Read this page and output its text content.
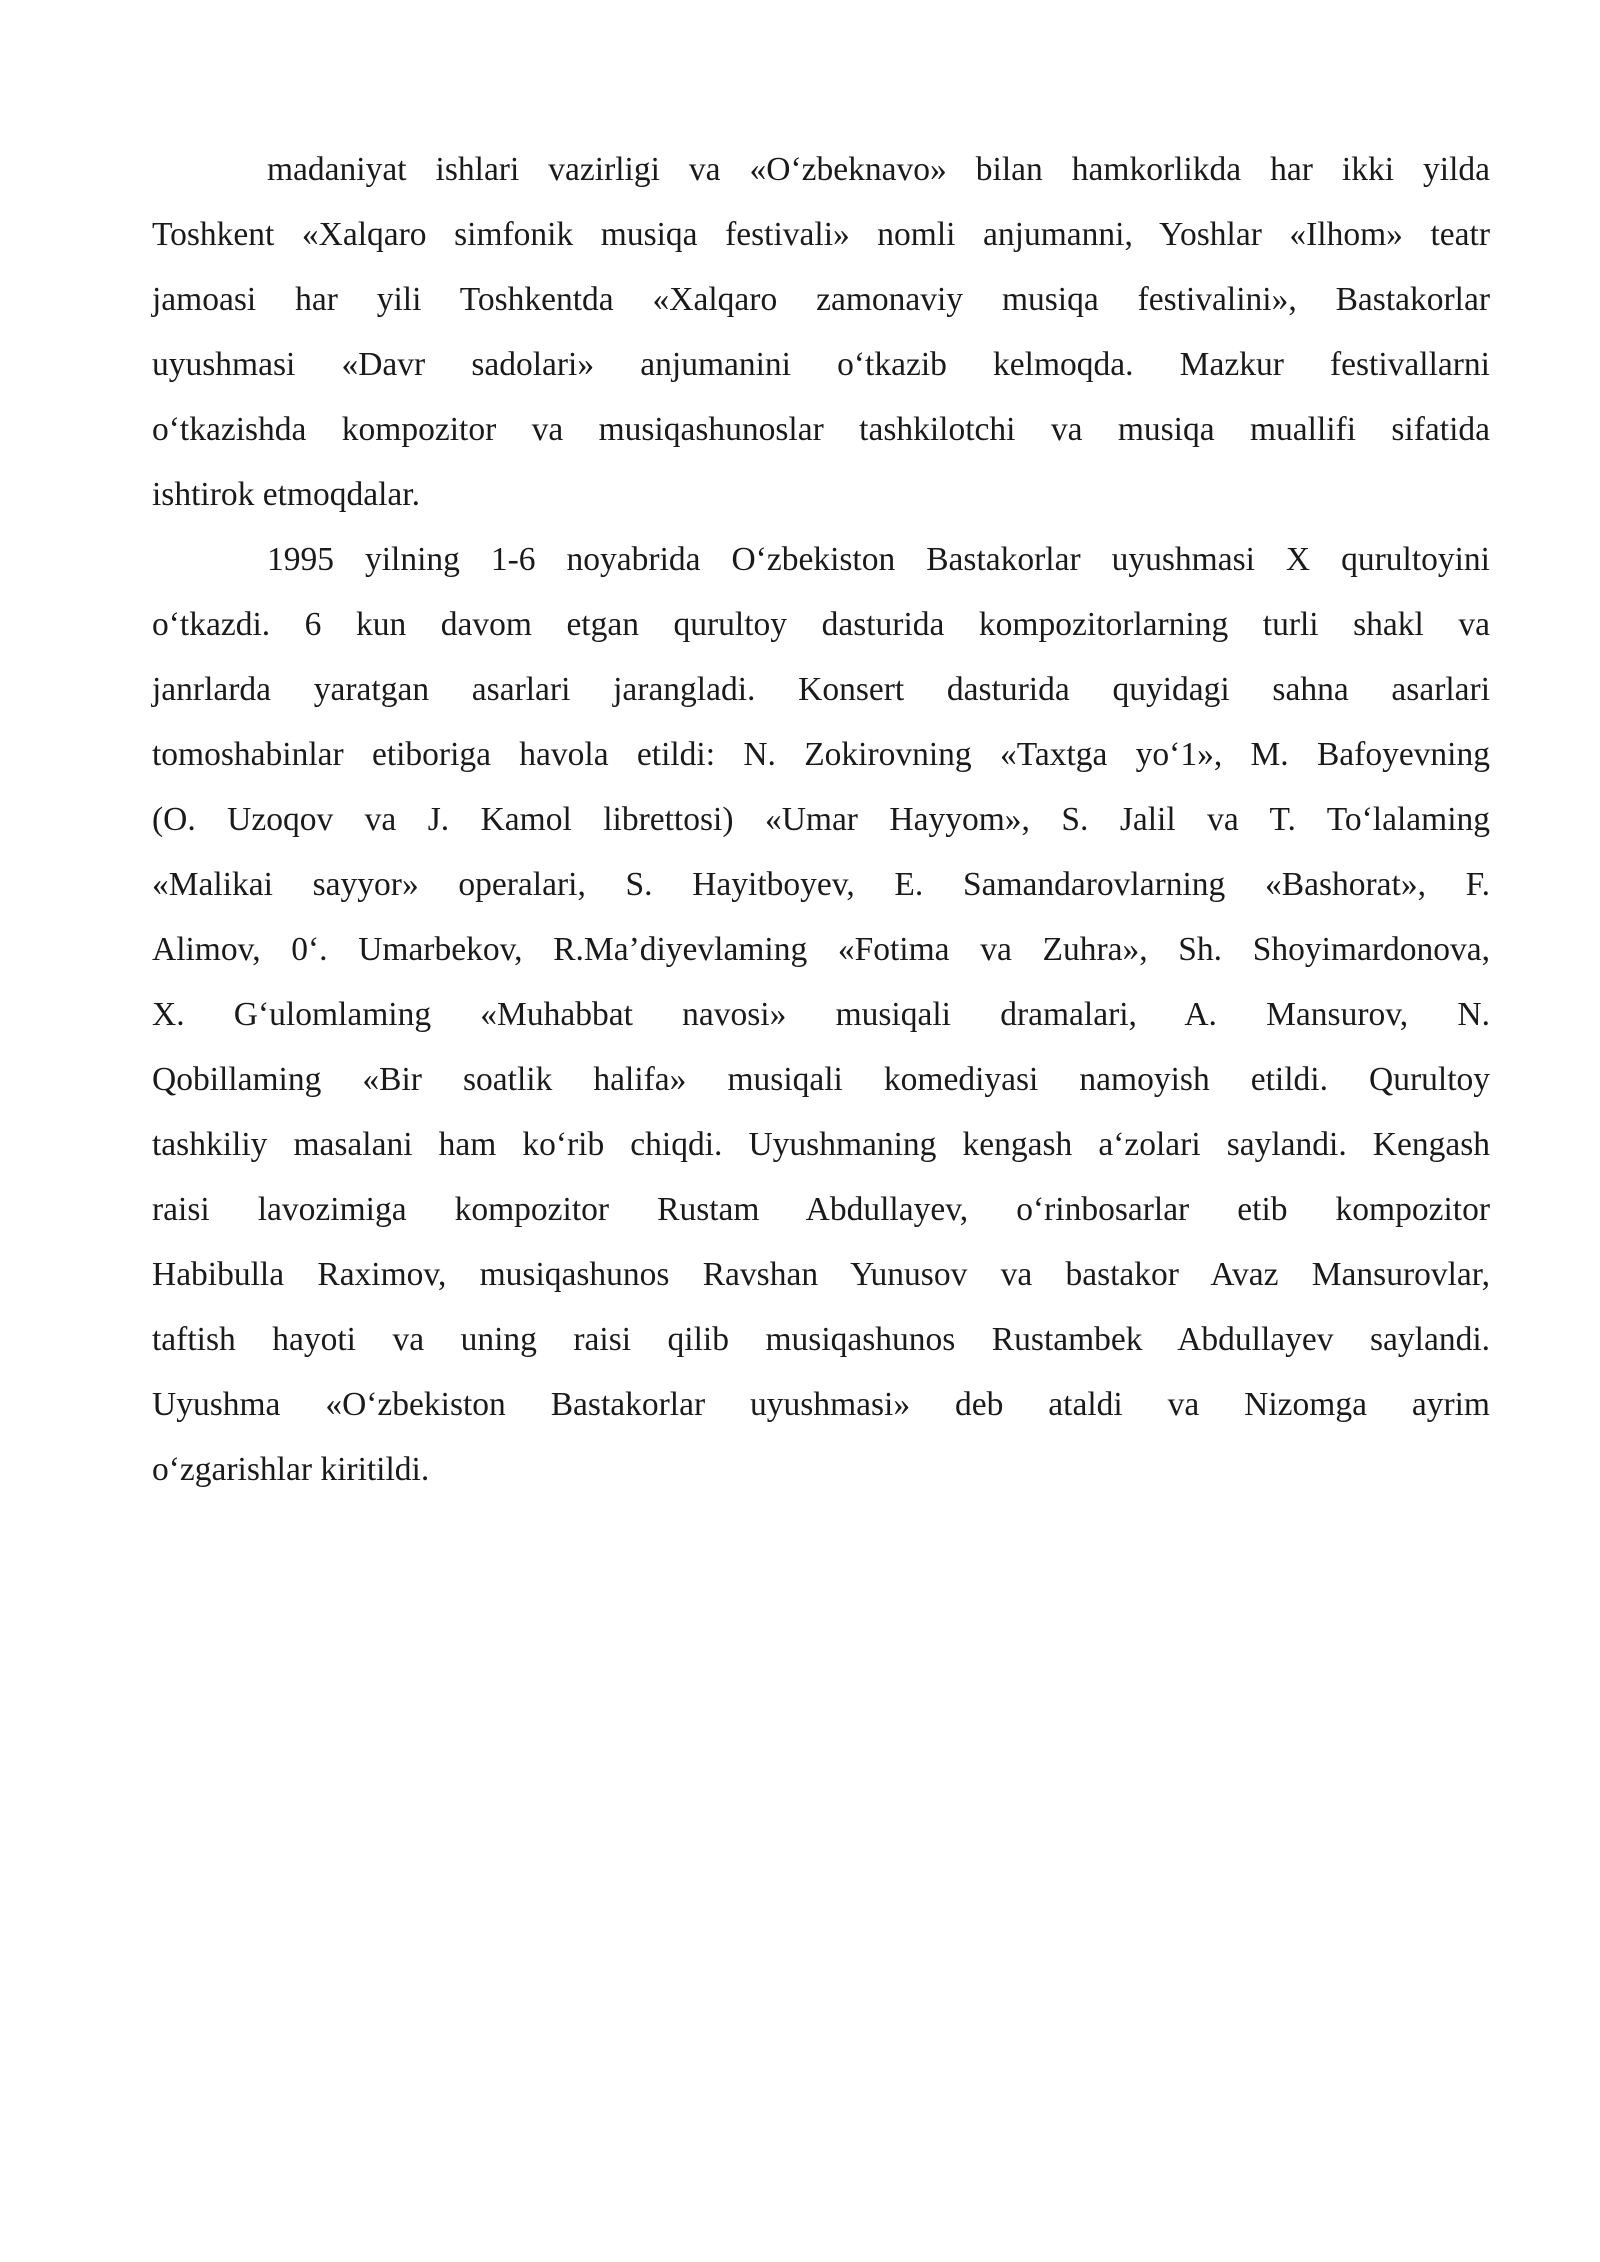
madaniyat ishlari vazirligi va «O‘zbeknavo» bilan hamkorlikda har ikki yilda
Toshkent «Xalqaro simfonik musiqa festivali» nomli anjumanni, Yoshlar «Ilhom» teatr
jamoasi har yili Toshkentda «Xalqaro zamonaviy musiqa festivalini», Bastakorlar
uyushmasi «Davr sadolari» anjumanini o‘tkazib kelmoqda. Mazkur festivallarni
o‘tkazishda kompozitor va musiqashunoslar tashkilotchi va musiqa muallifi sifatida
ishtirok etmoqdalar.
1995 yilning 1-6 noyabrida O‘zbekiston Bastakorlar uyushmasi X qurultoyini
o‘tkazdi. 6 kun davom etgan qurultoy dasturida kompozitorlarning turli shakl va
janrlarda yaratgan asarlari jarangladi. Konsert dasturida quyidagi sahna asarlari
tomoshabinlar etiboriga havola etildi: N. Zokirovning «Taxtga yo‘1», M. Bafoyevning
(O. Uzoqov va J. Kamol librettosi) «Umar Hayyom», S. Jalil va T. To‘lalaming
«Malikai sayyor» operalari, S. Hayitboyev, E. Samandarovlarning «Bashorat», F.
Alimov, 0‘. Umarbekov, R.Ma’diyevlaming «Fotima va Zuhra», Sh. Shoyimardonova,
X. G‘ulomlaming «Muhabbat navosi» musiqali dramalari, A. Mansurov, N.
Qobillaming «Bir soatlik halifa» musiqali komediyasi namoyish etildi. Qurultoy
tashkiliy masalani ham ko‘rib chiqdi. Uyushmaning kengash a‘zolari saylandi. Kengash
raisi lavozimiga kompozitor Rustam Abdullayev, o‘rinbosarlar etib kompozitor
Habibulla Raximov, musiqashunos Ravshan Yunusov va bastakor Avaz Mansurovlar,
taftish hayoti va uning raisi qilib musiqashunos Rustambek Abdullayev saylandi.
Uyushma «O‘zbekiston Bastakorlar uyushmasi» deb ataldi va Nizomga ayrim
o‘zgarishlar kiritildi.
